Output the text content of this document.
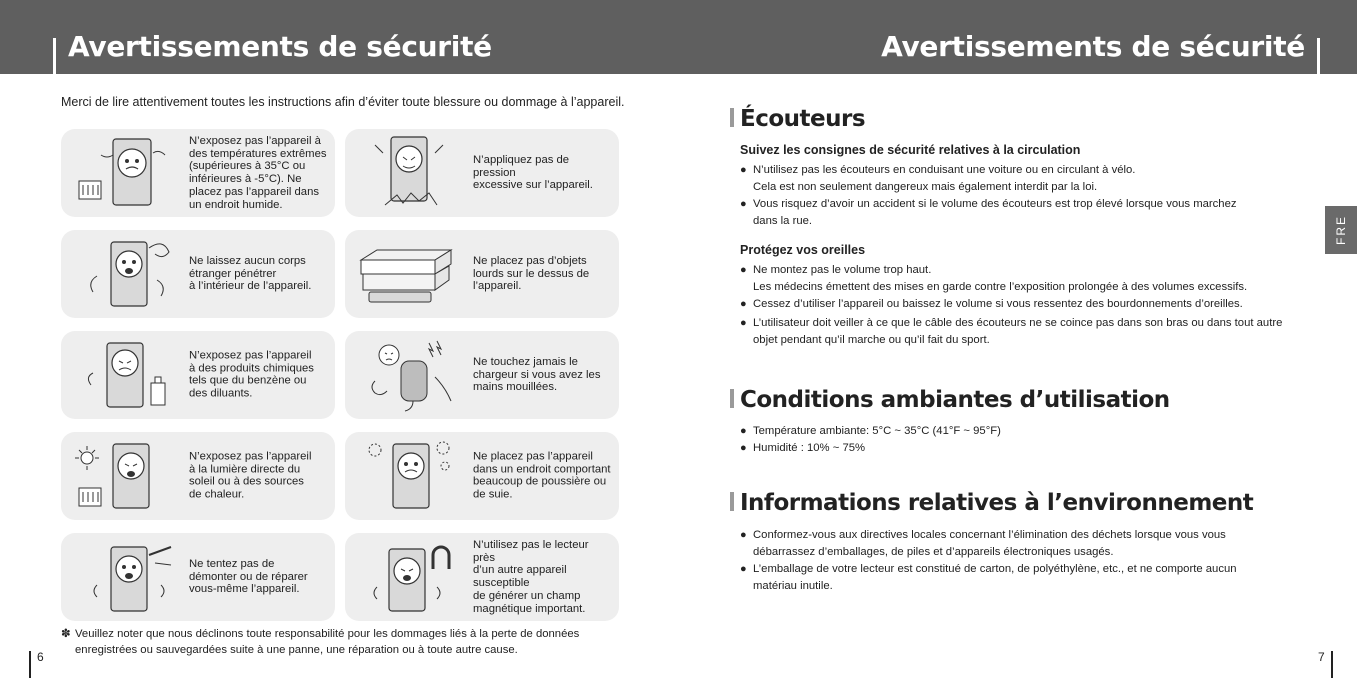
Avertissements de sécurité	Avertissements de sécurité
Merci de lire attentivement toutes les instructions afin d’éviter toute blessure ou dommage à l’appareil.
N’exposez pas l’appareil à
des températures extrêmes
(supérieures à 35°C ou
inférieures à -5°C). Ne
placez pas l’appareil dans
un endroit humide.
N’appliquez pas de pression
excessive sur l’appareil.
Ne laissez aucun corps
étranger pénétrer
à l’intérieur de l’appareil.
Ne placez pas d’objets
lourds sur le dessus de
l’appareil.
N’exposez pas l’appareil
à des produits chimiques
tels que du benzène ou
des diluants.
Ne touchez jamais le
chargeur si vous avez les
mains mouillées.
N’exposez pas l’appareil
à la lumière directe du
soleil ou à des sources
de chaleur.
Ne placez pas l’appareil
dans un endroit comportant
beaucoup de poussière ou
de suie.
Ne tentez pas de
démonter ou de réparer
vous-même l’appareil.
N’utilisez pas le lecteur près
d’un autre appareil susceptible
de générer un champ
magnétique important.
✽ Veuillez noter que nous déclinons toute responsabilité pour les dommages liés à la perte de données enregistrées ou sauvegardées suite à une panne, une réparation ou à toute autre cause.
6	7
FRE
Écouteurs
Suivez les consignes de sécurité relatives à la circulation
● N’utilisez pas les écouteurs en conduisant une voiture ou en circulant à vélo.
Cela est non seulement dangereux mais également interdit par la loi.
● Vous risquez d’avoir un accident si le volume des écouteurs est trop élevé lorsque vous marchez
dans la rue.
Protégez vos oreilles
● Ne montez pas le volume trop haut.
Les médecins émettent des mises en garde contre l’exposition prolongée à des volumes excessifs.
● Cessez d’utiliser l’appareil ou baissez le volume si vous ressentez des bourdonnements d’oreilles.
● L’utilisateur doit veiller à ce que le câble des écouteurs ne se coince pas dans son bras ou dans tout autre
objet pendant qu’il marche ou qu’il fait du sport.
Conditions ambiantes d’utilisation
● Température ambiante: 5°C ~ 35°C (41°F ~ 95°F)
● Humidité : 10% ~ 75%
Informations relatives à l’environnement
● Conformez-vous aux directives locales concernant l’élimination des déchets lorsque vous vous
débarrassez d’emballages, de piles et d’appareils électroniques usagés.
● L’emballage de votre lecteur est constitué de carton, de polyéthylène, etc., et ne comporte aucun
matériau inutile.
